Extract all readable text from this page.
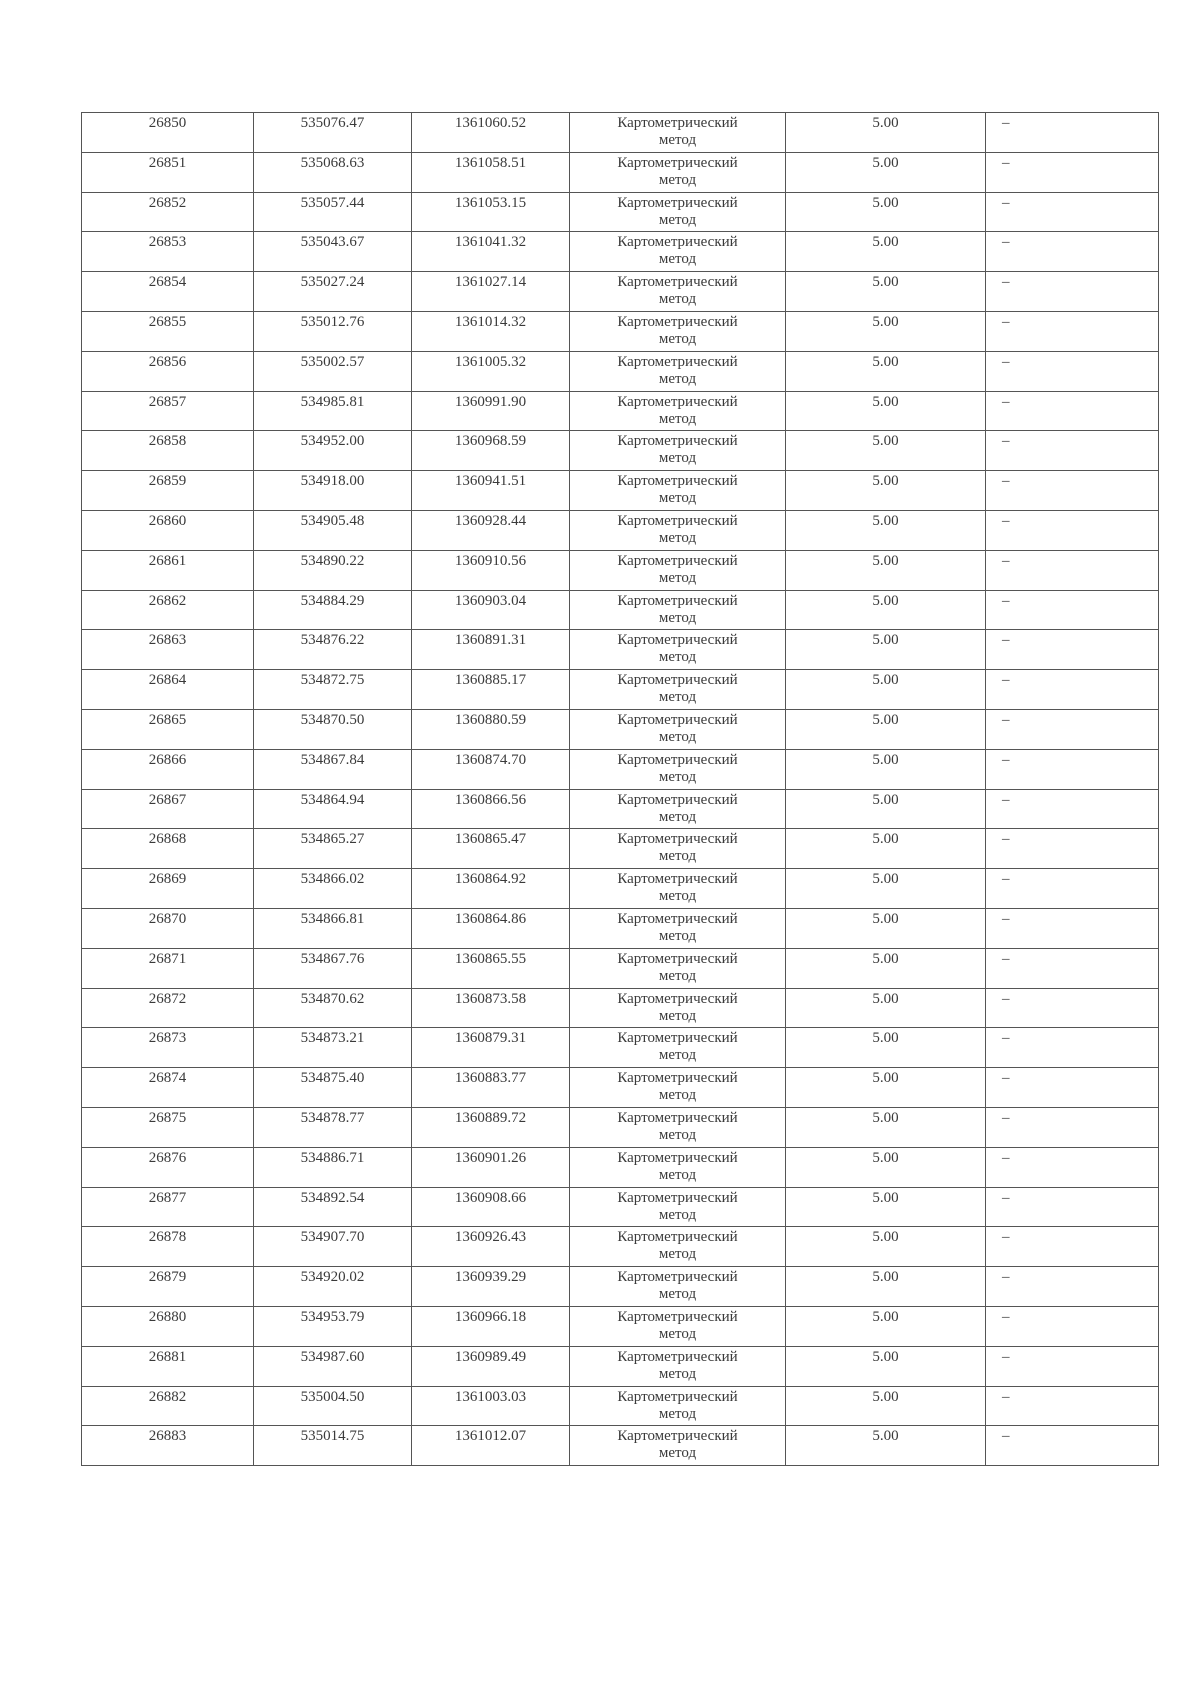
26850	535076.47	1361060.52	Картометрический метод	5.00	–
26851	535068.63	1361058.51	Картометрический метод	5.00	–
26852	535057.44	1361053.15	Картометрический метод	5.00	–
26853	535043.67	1361041.32	Картометрический метод	5.00	–
26854	535027.24	1361027.14	Картометрический метод	5.00	–
26855	535012.76	1361014.32	Картометрический метод	5.00	–
26856	535002.57	1361005.32	Картометрический метод	5.00	–
26857	534985.81	1360991.90	Картометрический метод	5.00	–
26858	534952.00	1360968.59	Картометрический метод	5.00	–
26859	534918.00	1360941.51	Картометрический метод	5.00	–
26860	534905.48	1360928.44	Картометрический метод	5.00	–
26861	534890.22	1360910.56	Картометрический метод	5.00	–
26862	534884.29	1360903.04	Картометрический метод	5.00	–
26863	534876.22	1360891.31	Картометрический метод	5.00	–
26864	534872.75	1360885.17	Картометрический метод	5.00	–
26865	534870.50	1360880.59	Картометрический метод	5.00	–
26866	534867.84	1360874.70	Картометрический метод	5.00	–
26867	534864.94	1360866.56	Картометрический метод	5.00	–
26868	534865.27	1360865.47	Картометрический метод	5.00	–
26869	534866.02	1360864.92	Картометрический метод	5.00	–
26870	534866.81	1360864.86	Картометрический метод	5.00	–
26871	534867.76	1360865.55	Картометрический метод	5.00	–
26872	534870.62	1360873.58	Картометрический метод	5.00	–
26873	534873.21	1360879.31	Картометрический метод	5.00	–
26874	534875.40	1360883.77	Картометрический метод	5.00	–
26875	534878.77	1360889.72	Картометрический метод	5.00	–
26876	534886.71	1360901.26	Картометрический метод	5.00	–
26877	534892.54	1360908.66	Картометрический метод	5.00	–
26878	534907.70	1360926.43	Картометрический метод	5.00	–
26879	534920.02	1360939.29	Картометрический метод	5.00	–
26880	534953.79	1360966.18	Картометрический метод	5.00	–
26881	534987.60	1360989.49	Картометрический метод	5.00	–
26882	535004.50	1361003.03	Картометрический метод	5.00	–
26883	535014.75	1361012.07	Картометрический метод	5.00	–
